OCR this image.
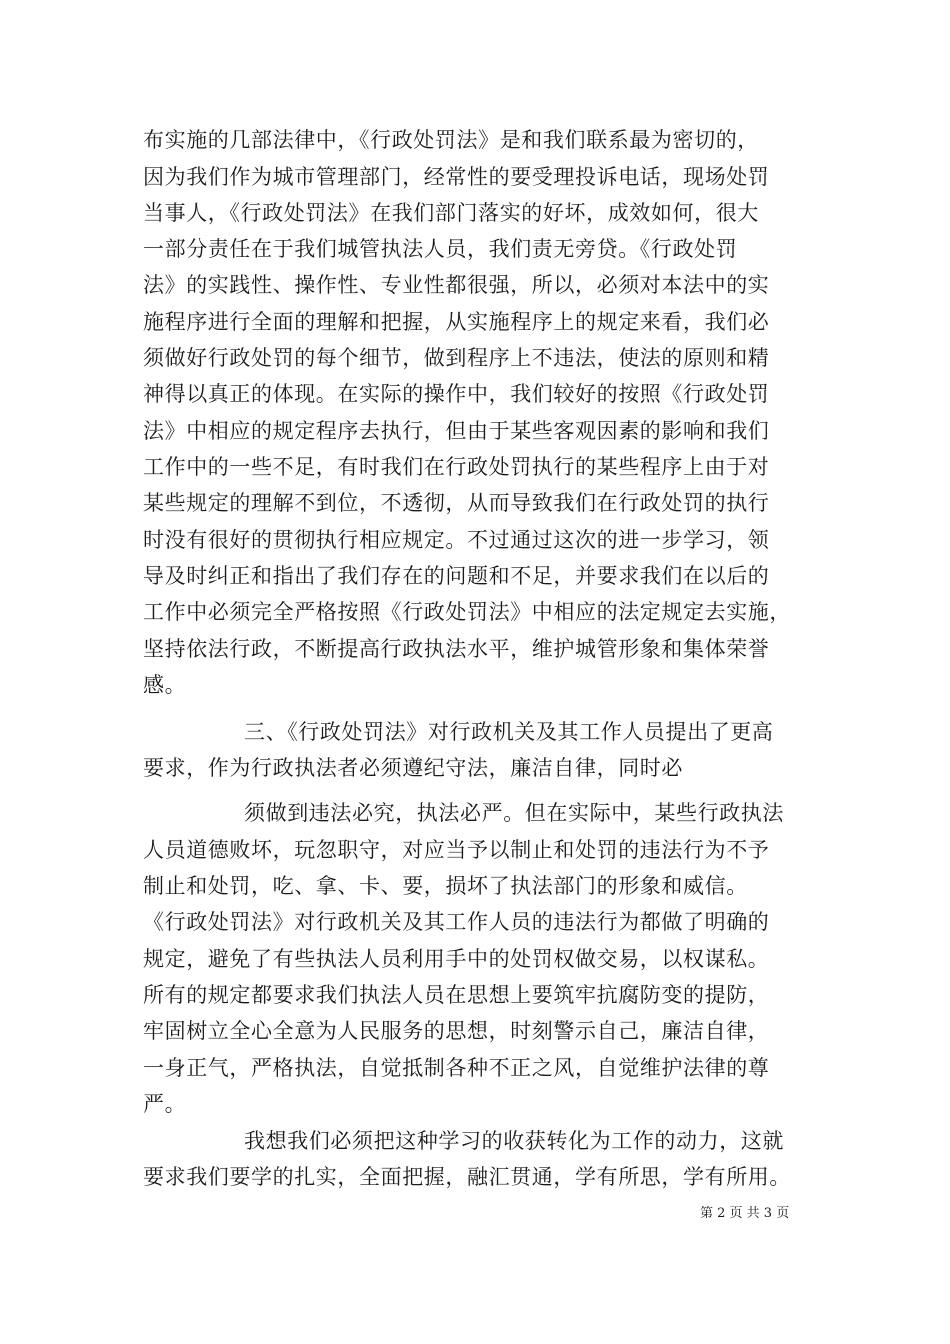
布实施的几部法律中，《行政处罚法》是和我们联系最为密切的，
因为我们作为城市管理部门，经常性的要受理投诉电话，现场处罚
当事人，《行政处罚法》在我们部门落实的好坏，成效如何，很大
一部分责任在于我们城管执法人员，我们责无旁贷。《行政处罚
法》的实践性、操作性、专业性都很强，所以，必须对本法中的实
施程序进行全面的理解和把握，从实施程序上的规定来看，我们必
须做好行政处罚的每个细节，做到程序上不违法，使法的原则和精
神得以真正的体现。在实际的操作中，我们较好的按照《行政处罚
法》中相应的规定程序去执行，但由于某些客观因素的影响和我们
工作中的一些不足，有时我们在行政处罚执行的某些程序上由于对
某些规定的理解不到位，不透彻，从而导致我们在行政处罚的执行
时没有很好的贯彻执行相应规定。不过通过这次的进一步学习，领
导及时纠正和指出了我们存在的问题和不足，并要求我们在以后的
工作中必须完全严格按照《行政处罚法》中相应的法定规定去实施，
坚持依法行政，不断提高行政执法水平，维护城管形象和集体荣誉
感。
三、《行政处罚法》对行政机关及其工作人员提出了更高
要求，作为行政执法者必须遵纪守法，廉洁自律，同时必
须做到违法必究，执法必严。但在实际中，某些行政执法
人员道德败坏，玩忽职守，对应当予以制止和处罚的违法行为不予
制止和处罚，吃、拿、卡、要，损坏了执法部门的形象和威信。
《行政处罚法》对行政机关及其工作人员的违法行为都做了明确的
规定，避免了有些执法人员利用手中的处罚权做交易，以权谋私。
所有的规定都要求我们执法人员在思想上要筑牢抗腐防变的提防，
牢固树立全心全意为人民服务的思想，时刻警示自己，廉洁自律，
一身正气，严格执法，自觉抵制各种不正之风，自觉维护法律的尊
严。
我想我们必须把这种学习的收获转化为工作的动力，这就
要求我们要学的扎实，全面把握，融汇贯通，学有所思，学有所用。
第 2 页 共 3 页
